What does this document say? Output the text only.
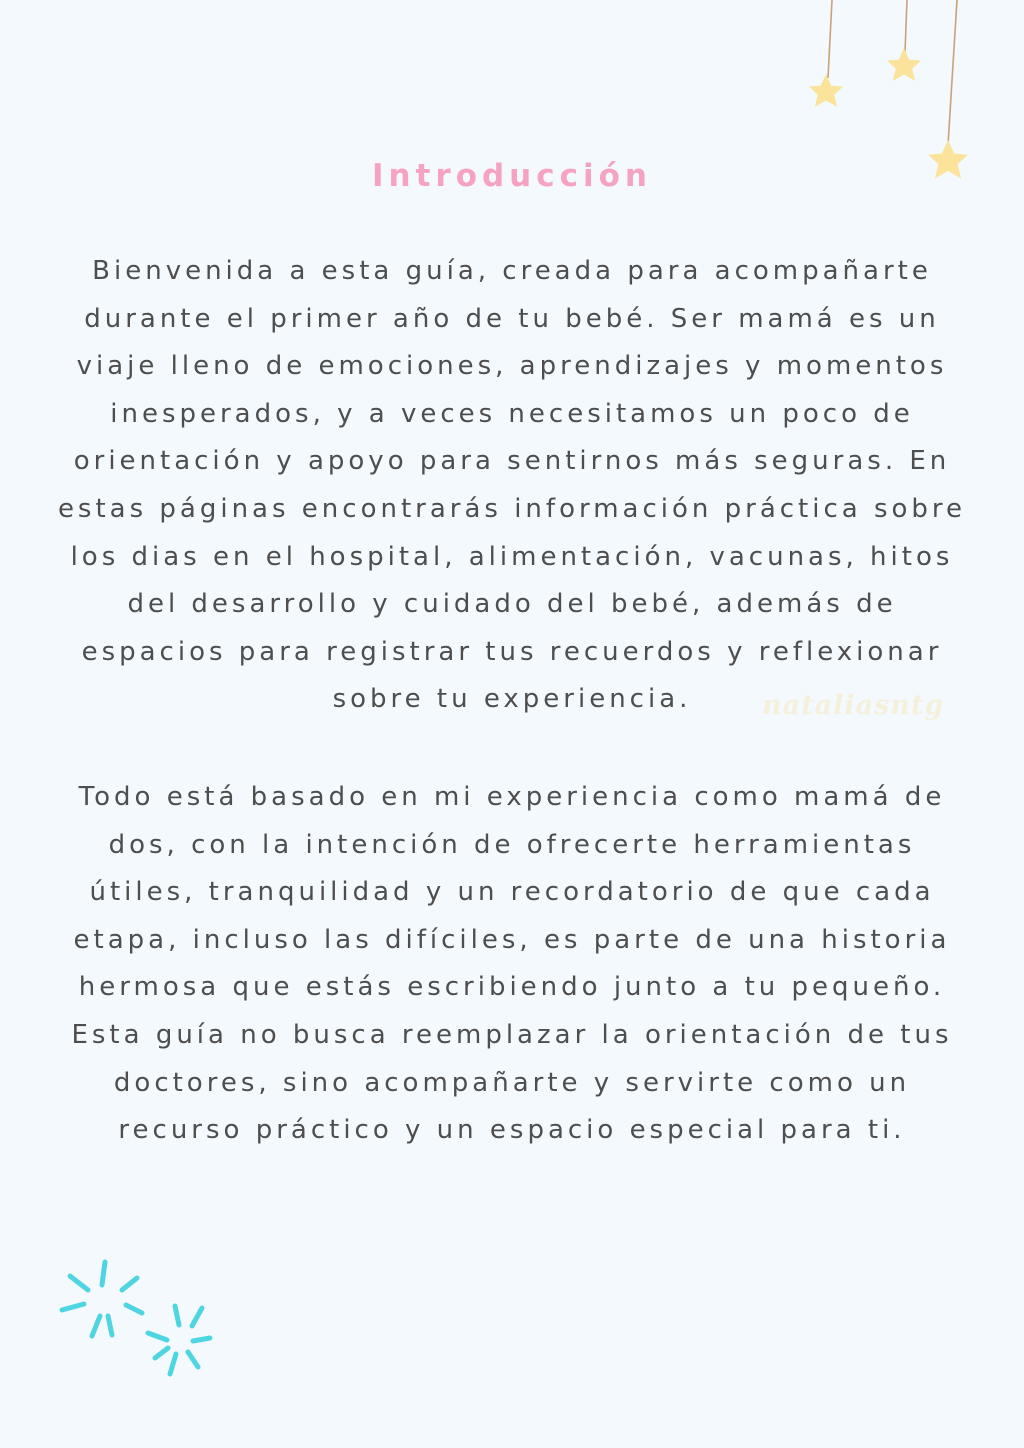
Introducción

Bienvenida a esta guía, creada para acompañarte durante el primer año de tu bebé. Ser mamá es un viaje lleno de emociones, aprendizajes y momentos inesperados, y a veces necesitamos un poco de orientación y apoyo para sentirnos más seguras. En estas páginas encontrarás información práctica sobre los dias en el hospital, alimentación, vacunas, hitos del desarrollo y cuidado del bebé, además de espacios para registrar tus recuerdos y reflexionar sobre tu experiencia.	nataliasntg

Todo está basado en mi experiencia como mamá de dos, con la intención de ofrecerte herramientas útiles, tranquilidad y un recordatorio de que cada etapa, incluso las difíciles, es parte de una historia hermosa que estás escribiendo junto a tu pequeño. Esta guía no busca reemplazar la orientación de tus doctores, sino acompañarte y servirte como un recurso práctico y un espacio especial para ti.
